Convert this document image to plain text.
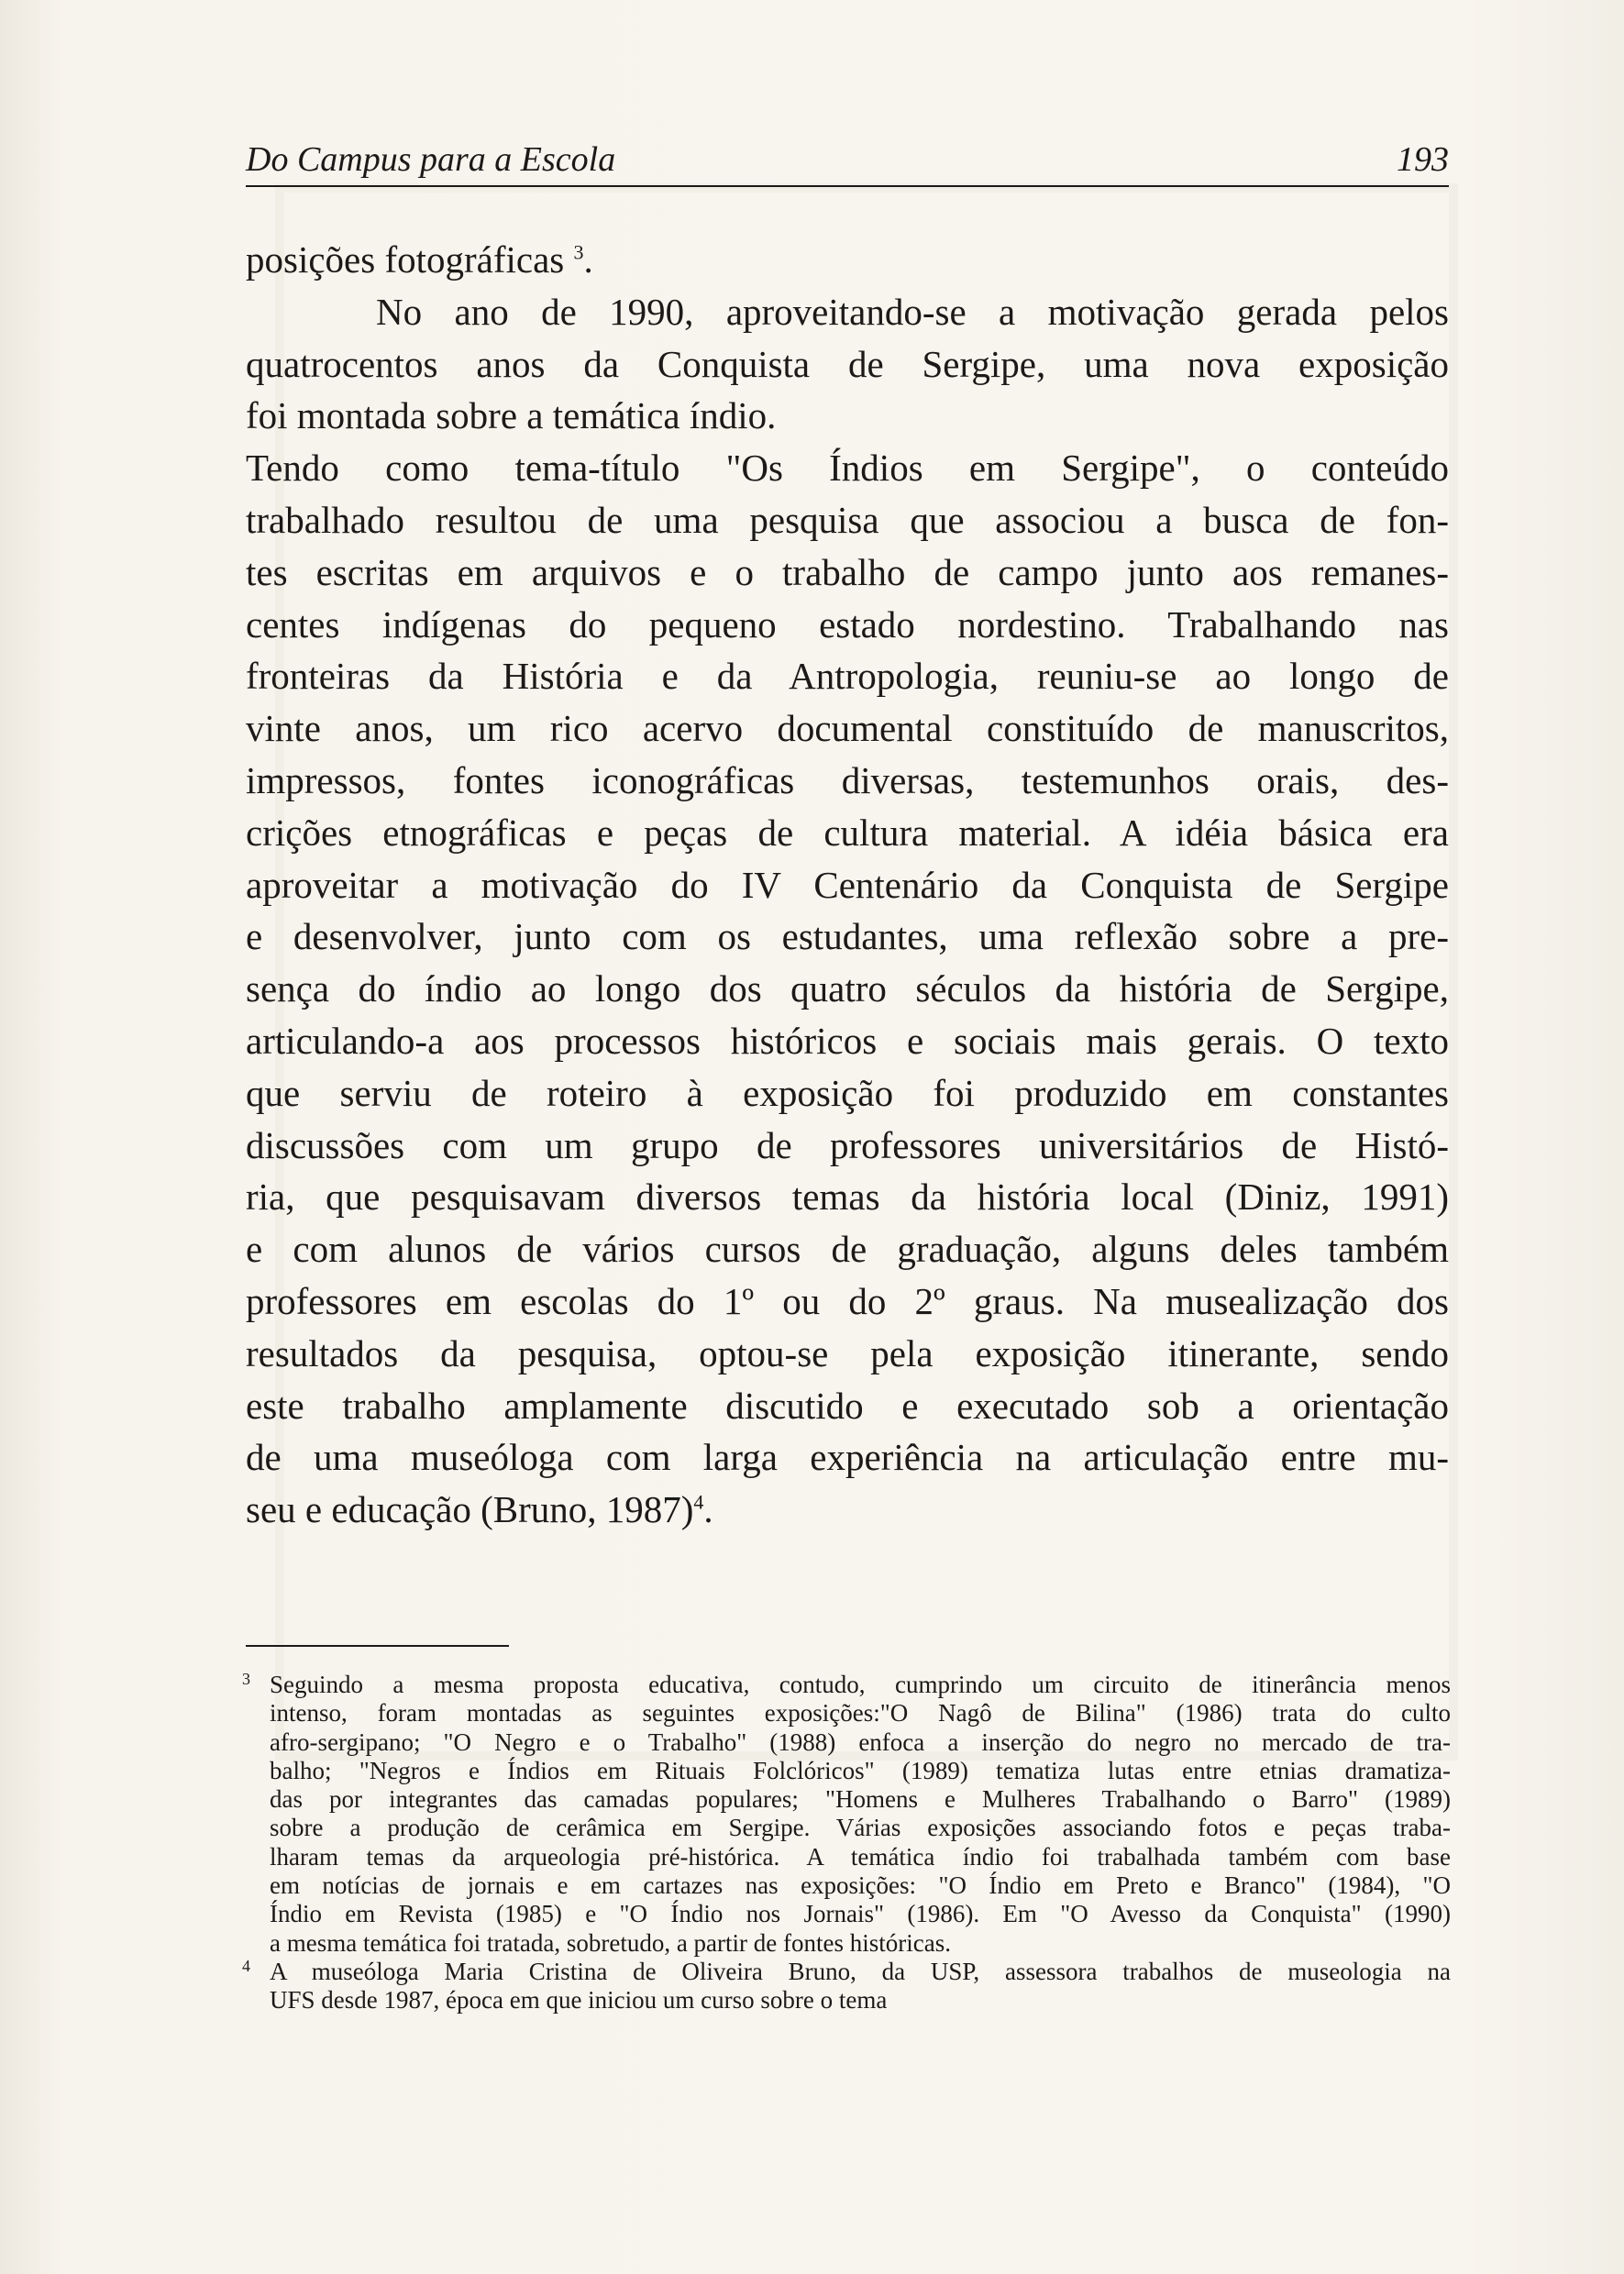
Do Campus para a Escola	193
posições fotográficas $^3$.
No ano de 1990, aproveitando-se a motivação gerada pelos
quatrocentos anos da Conquista de Sergipe, uma nova exposição
foi montada sobre a temática índio.
Tendo como tema-título "Os Índios em Sergipe", o conteúdo
trabalhado resultou de uma pesquisa que associou a busca de fon-
tes escritas em arquivos e o trabalho de campo junto aos remanes-
centes indígenas do pequeno estado nordestino. Trabalhando nas
fronteiras da História e da Antropologia, reuniu-se ao longo de
vinte anos, um rico acervo documental constituído de manuscritos,
impressos, fontes iconográficas diversas, testemunhos orais, des-
crições etnográficas e peças de cultura material. A idéia básica era
aproveitar a motivação do IV Centenário da Conquista de Sergipe
e desenvolver, junto com os estudantes, uma reflexão sobre a pre-
sença do índio ao longo dos quatro séculos da história de Sergipe,
articulando-a aos processos históricos e sociais mais gerais. O texto
que serviu de roteiro à exposição foi produzido em constantes
discussões com um grupo de professores universitários de Histó-
ria, que pesquisavam diversos temas da história local (Diniz, 1991)
e com alunos de vários cursos de graduação, alguns deles também
professores em escolas do 1º ou do 2º graus. Na musealização dos
resultados da pesquisa, optou-se pela exposição itinerante, sendo
este trabalho amplamente discutido e executado sob a orientação
de uma museóloga com larga experiência na articulação entre mu-
seu e educação (Bruno, 1987)$^4$.
3 Seguindo a mesma proposta educativa, contudo, cumprindo um circuito de itinerância menos
intenso, foram montadas as seguintes exposições:"O Nagô de Bilina" (1986) trata do culto
afro-sergipano; "O Negro e o Trabalho" (1988) enfoca a inserção do negro no mercado de tra-
balho; "Negros e Índios em Rituais Folclóricos" (1989) tematiza lutas entre etnias dramatiza-
das por integrantes das camadas populares; "Homens e Mulheres Trabalhando o Barro" (1989)
sobre a produção de cerâmica em Sergipe. Várias exposições associando fotos e peças traba-
lharam temas da arqueologia pré-histórica. A temática índio foi trabalhada também com base
em notícias de jornais e em cartazes nas exposições: "O Índio em Preto e Branco" (1984), "O
Índio em Revista (1985) e "O Índio nos Jornais" (1986). Em "O Avesso da Conquista" (1990)
a mesma temática foi tratada, sobretudo, a partir de fontes históricas.
4 A museóloga Maria Cristina de Oliveira Bruno, da USP, assessora trabalhos de museologia na
UFS desde 1987, época em que iniciou um curso sobre o tema
